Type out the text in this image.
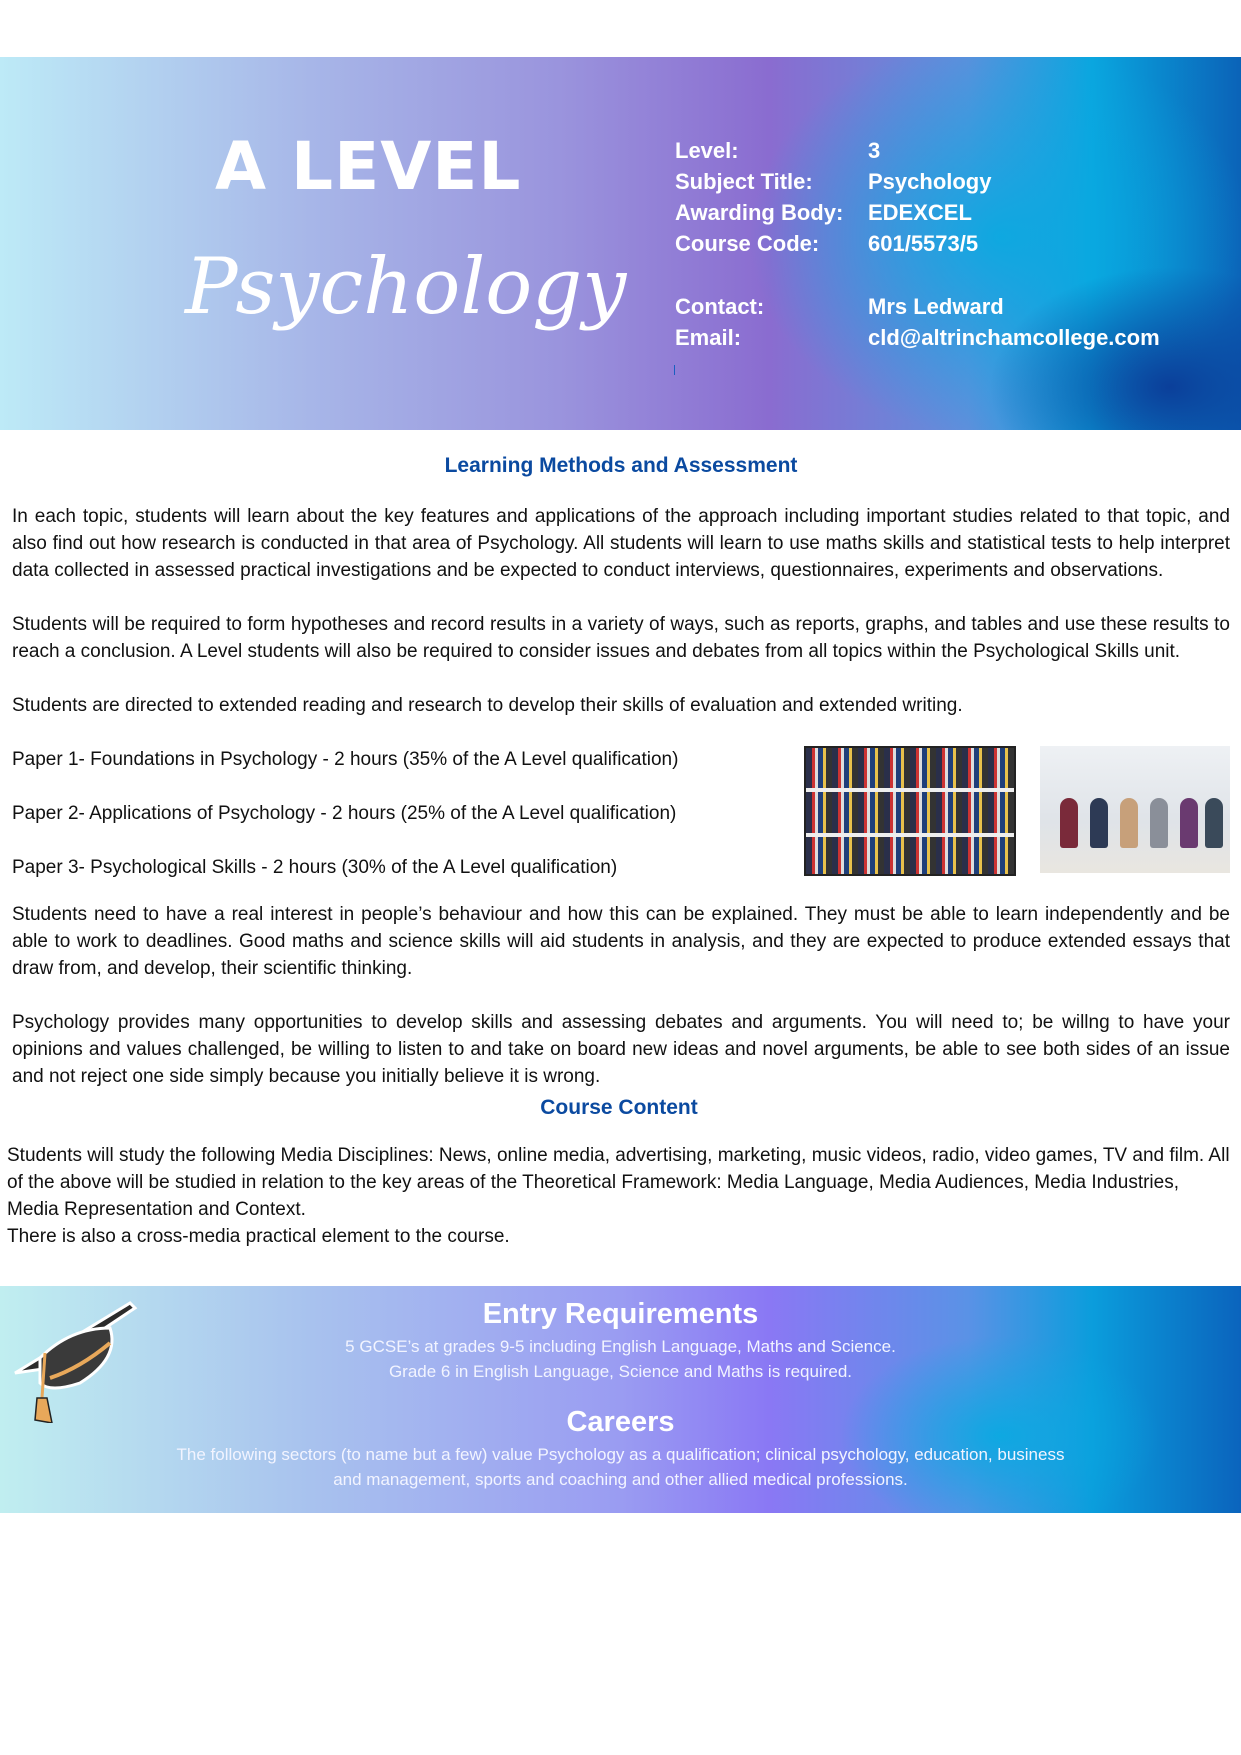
A LEVEL
Psychology
Level:	3
Subject Title:	Psychology
Awarding Body:	EDEXCEL
Course Code:	601/5573/5
Contact:	Mrs Ledward
Email:	cld@altrinchamcollege.com
Learning Methods and Assessment

In each topic, students will learn about the key features and applications of the approach including important studies related to that topic, and also find out how research is conducted in that area of Psychology. All students will learn to use maths skills and statistical tests to help interpret data collected in assessed practical investigations and be expected to conduct interviews, questionnaires, experiments and observations.

Students will be required to form hypotheses and record results in a variety of ways, such as reports, graphs, and tables and use these results to reach a conclusion. A Level students will also be required to consider issues and debates from all topics within the Psychological Skills unit.

Students are directed to extended reading and research to develop their skills of evaluation and extended writing.

Paper 1- Foundations in Psychology - 2 hours (35% of the A Level qualification)
Paper 2- Applications of Psychology - 2 hours (25% of the A Level qualification)
Paper 3- Psychological Skills - 2 hours (30% of the A Level qualification)

Students need to have a real interest in people’s behaviour and how this can be explained. They must be able to learn independently and be able to work to deadlines. Good maths and science skills will aid students in analysis, and they are expected to produce extended essays that draw from, and develop, their scientific thinking.

Psychology provides many opportunities to develop skills and assessing debates and arguments. You will need to; be willng to have your opinions and values challenged, be willing to listen to and take on board new ideas and novel arguments, be able to see both sides of an issue and not reject one side simply because you initially believe it is wrong.

Course Content

Students will study the following Media Disciplines: News, online media, advertising, marketing, music videos, radio, video games, TV and film. All of the above will be studied in relation to the key areas of the Theoretical Framework: Media Language, Media Audiences, Media Industries, Media Representation and Context.

There is also a cross-media practical element to the course.

Entry Requirements

5 GCSE’s at grades 9-5 including English Language, Maths and Science.

Grade 6 in English Language, Science and Maths is required.

Careers

The following sectors (to name but a few) value Psychology as a qualification; clinical psychology, education, business

and management, sports and coaching and other allied medical professions.
